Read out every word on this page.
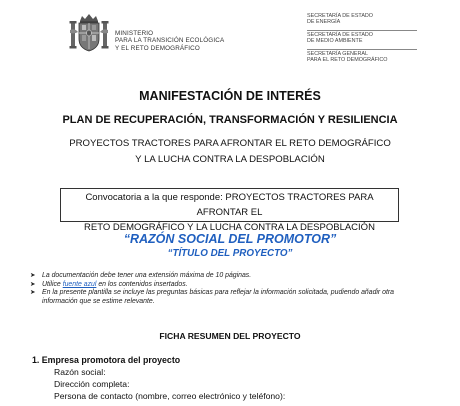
MINISTERIO
PARA LA TRANSICIÓN ECOLÓGICA
Y EL RETO DEMOGRÁFICO
SECRETARÍA DE ESTADO
DE ENERGÍA
SECRETARÍA DE ESTADO
DE MEDIO AMBIENTE
SECRETARÍA GENERAL
PARA EL RETO DEMOGRÁFICO
MANIFESTACIÓN DE INTERÉS
PLAN DE RECUPERACIÓN, TRANSFORMACIÓN Y RESILIENCIA
PROYECTOS TRACTORES PARA AFRONTAR EL RETO DEMOGRÁFICO
Y LA LUCHA CONTRA LA DESPOBLACIÓN
Convocatoria a la que responde: PROYECTOS TRACTORES PARA AFRONTAR EL
RETO DEMOGRÁFICO Y LA LUCHA CONTRA LA DESPOBLACIÓN
“RAZÓN SOCIAL DEL PROMOTOR”
“TÍTULO DEL PROYECTO”
➤ La documentación debe tener una extensión máxima de 10 páginas.
➤ Utilice fuente azul en los contenidos insertados.
➤ En la presente plantilla se incluye las preguntas básicas para reflejar la información solicitada, pudiendo añadir otra información que se estime relevante.
FICHA RESUMEN DEL PROYECTO
1. Empresa promotora del proyecto
Razón social:
Dirección completa:
Persona de contacto (nombre, correo electrónico y teléfono):
